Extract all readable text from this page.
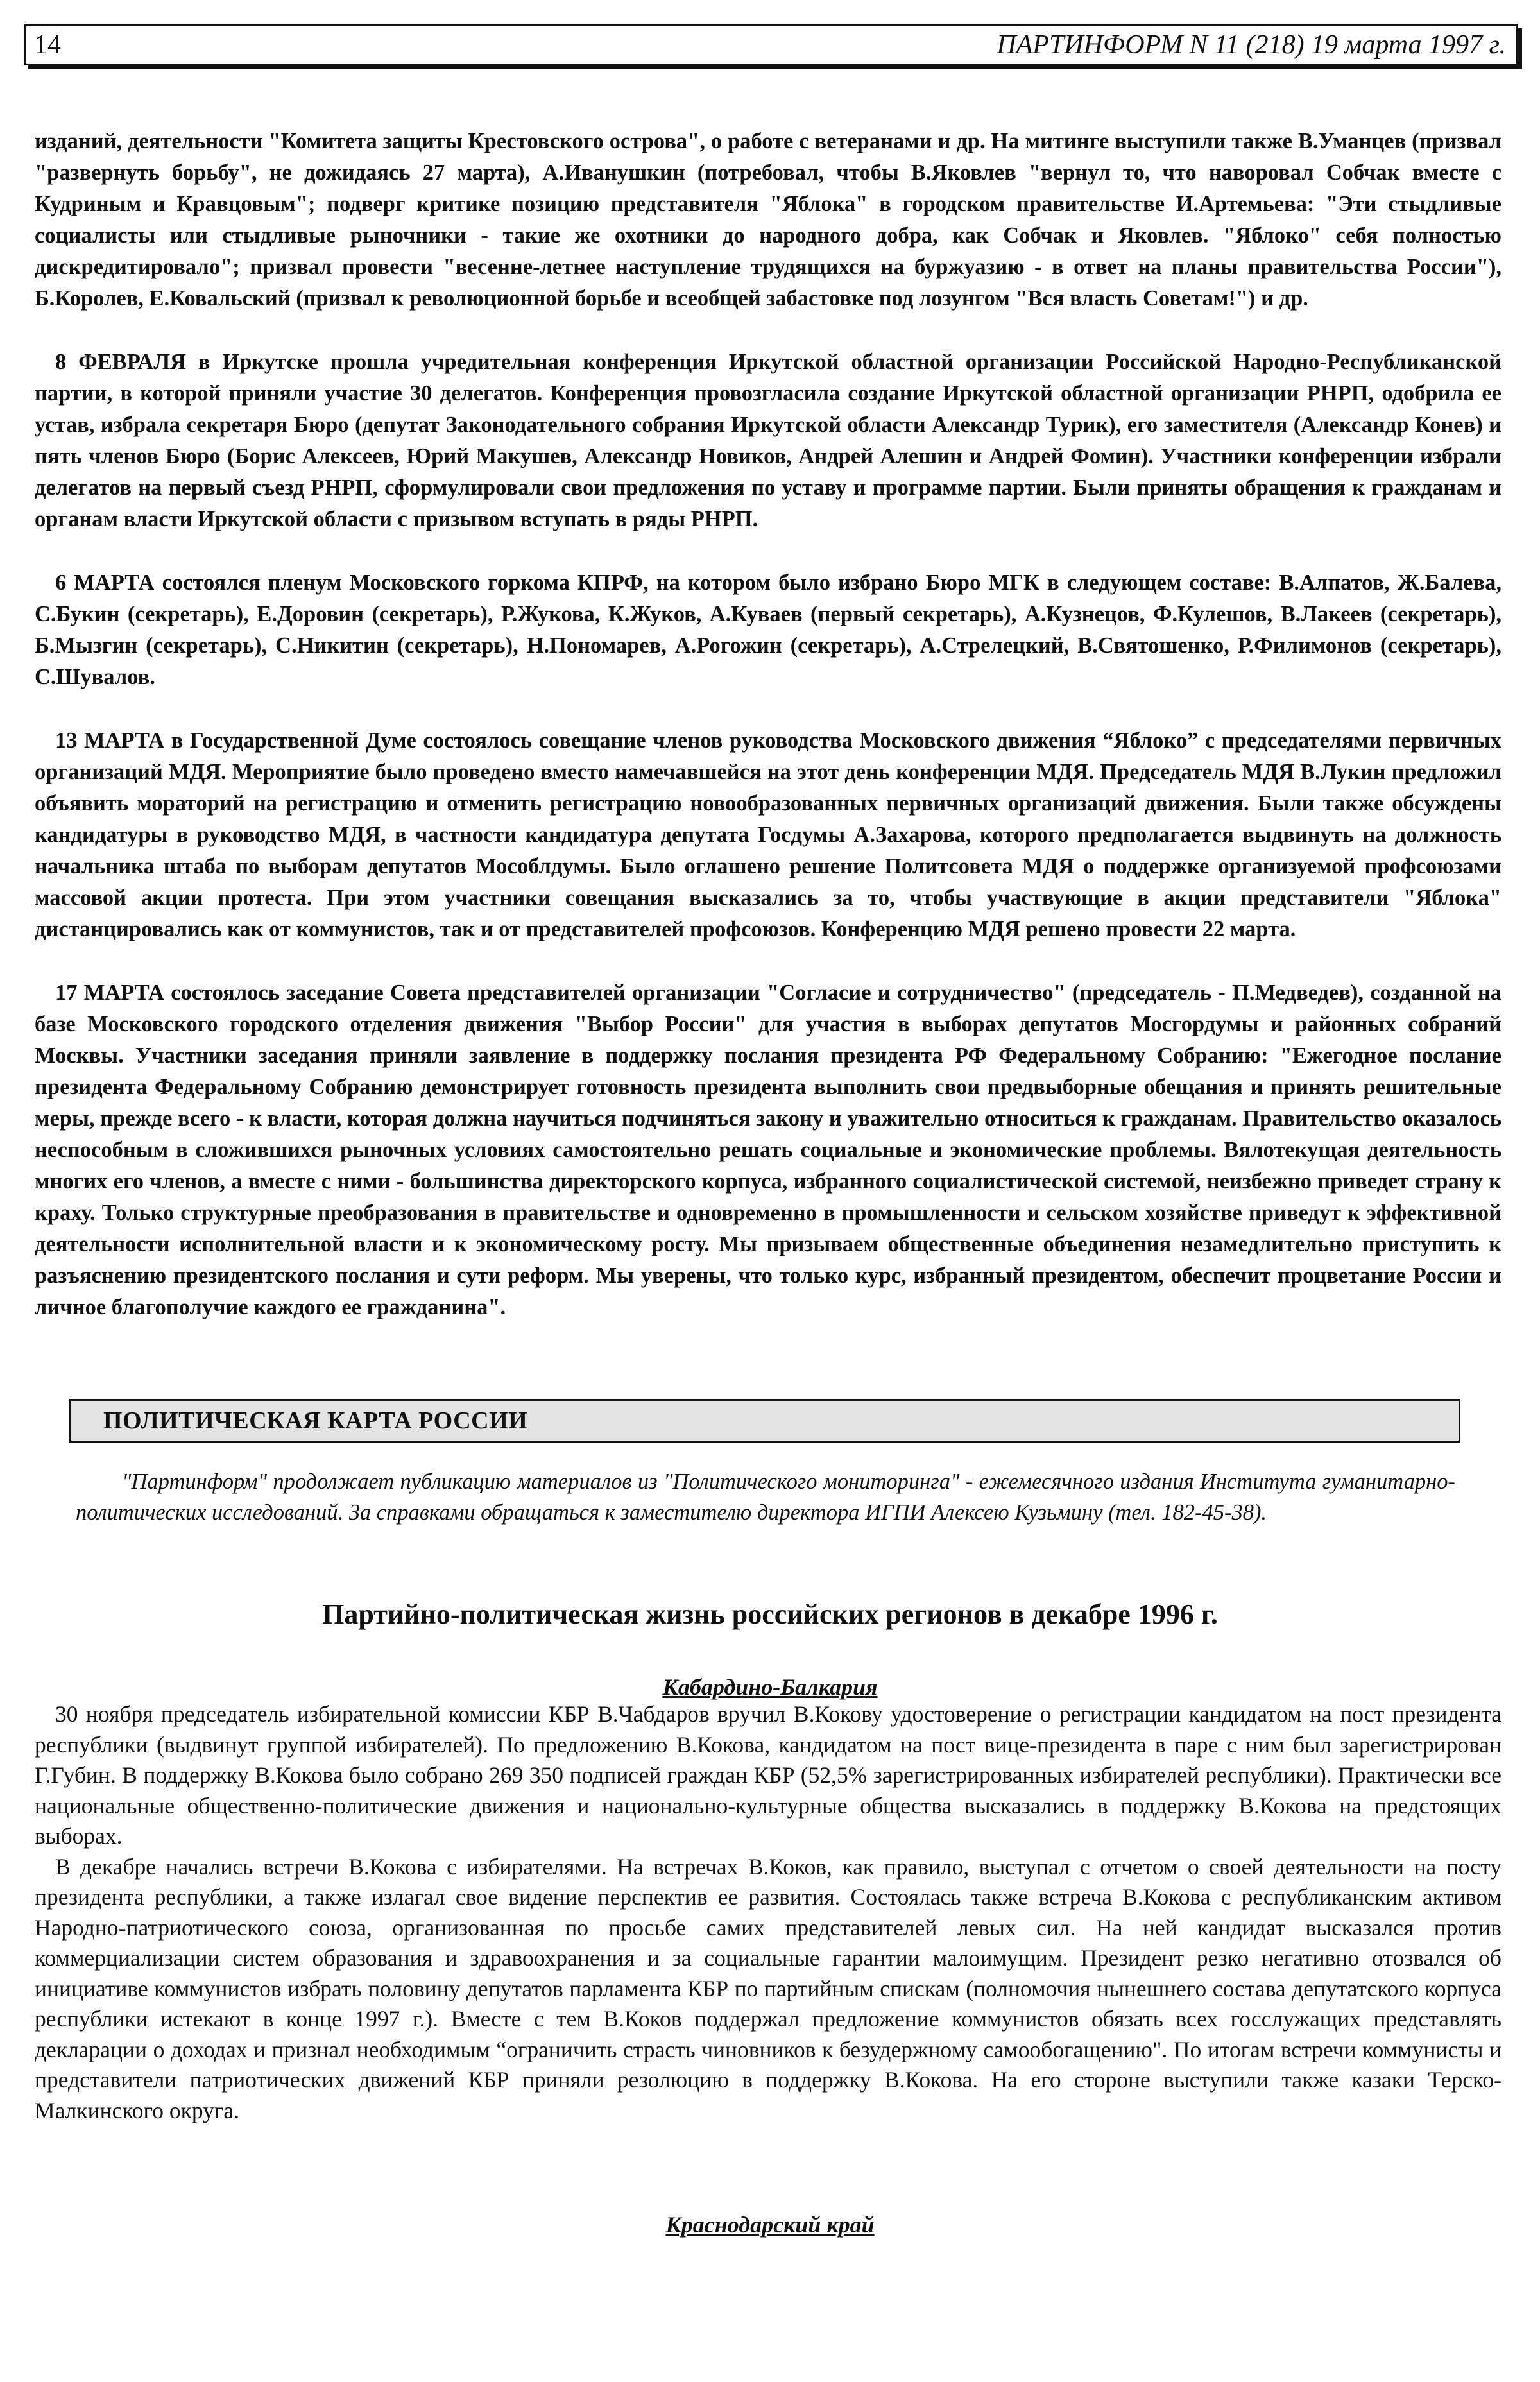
14	ПАРТИНФОРМ N 11 (218) 19 марта 1997 г.

изданий, деятельности "Комитета защиты Крестовского острова", о работе с ветеранами и др. На митинге выступили также В.Уманцев (призвал "развернуть борьбу", не дожидаясь 27 марта), А.Иванушкин (потребовал, чтобы В.Яковлев "вернул то, что наворовал Собчак вместе с Кудриным и Кравцовым"; подверг критике позицию представителя "Яблока" в городском правительстве И.Артемьева: "Эти стыдливые социалисты или стыдливые рыночники - такие же охотники до народного добра, как Собчак и Яковлев. "Яблоко" себя полностью дискредитировало"; призвал провести "весенне-летнее наступление трудящихся на буржуазию - в ответ на планы правительства России"), Б.Королев, Е.Ковальский (призвал к революционной борьбе и всеобщей забастовке под лозунгом "Вся власть Советам!") и др.

8 ФЕВРАЛЯ в Иркутске прошла учредительная конференция Иркутской областной организации Российской Народно-Республиканской партии, в которой приняли участие 30 делегатов. Конференция провозгласила создание Иркутской областной организации РНРП, одобрила ее устав, избрала секретаря Бюро (депутат Законодательного собрания Иркутской области Александр Турик), его заместителя (Александр Конев) и пять членов Бюро (Борис Алексеев, Юрий Макушев, Александр Новиков, Андрей Алешин и Андрей Фомин). Участники конференции избрали делегатов на первый съезд РНРП, сформулировали свои предложения по уставу и программе партии. Были приняты обращения к гражданам и органам власти Иркутской области с призывом вступать в ряды РНРП.

6 МАРТА состоялся пленум Московского горкома КПРФ, на котором было избрано Бюро МГК в следующем составе: В.Алпатов, Ж.Балева, С.Букин (секретарь), Е.Доровин (секретарь), Р.Жукова, К.Жуков, А.Куваев (первый секретарь), А.Кузнецов, Ф.Кулешов, В.Лакеев (секретарь), Б.Мызгин (секретарь), С.Никитин (секретарь), Н.Пономарев, А.Рогожин (секретарь), А.Стрелецкий, В.Святошенко, Р.Филимонов (секретарь), С.Шувалов.

13 МАРТА в Государственной Думе состоялось совещание членов руководства Московского движения “Яблоко” с председателями первичных организаций МДЯ. Мероприятие было проведено вместо намечавшейся на этот день конференции МДЯ. Председатель МДЯ В.Лукин предложил объявить мораторий на регистрацию и отменить регистрацию новообразованных первичных организаций движения. Были также обсуждены кандидатуры в руководство МДЯ, в частности кандидатура депутата Госдумы А.Захарова, которого предполагается выдвинуть на должность начальника штаба по выборам депутатов Мособлдумы. Было оглашено решение Политсовета МДЯ о поддержке организуемой профсоюзами массовой акции протеста. При этом участники совещания высказались за то, чтобы участвующие в акции представители "Яблока" дистанцировались как от коммунистов, так и от представителей профсоюзов. Конференцию МДЯ решено провести 22 марта.

17 МАРТА состоялось заседание Совета представителей организации "Согласие и сотрудничество" (председатель - П.Медведев), созданной на базе Московского городского отделения движения "Выбор России" для участия в выборах депутатов Мосгордумы и районных собраний Москвы. Участники заседания приняли заявление в поддержку послания президента РФ Федеральному Собранию: "Ежегодное послание президента Федеральному Собранию демонстрирует готовность президента выполнить свои предвыборные обещания и принять решительные меры, прежде всего - к власти, которая должна научиться подчиняться закону и уважительно относиться к гражданам. Правительство оказалось неспособным в сложившихся рыночных условиях самостоятельно решать социальные и экономические проблемы. Вялотекущая деятельность многих его членов, а вместе с ними - большинства директорского корпуса, избранного социалистической системой, неизбежно приведет страну к краху. Только структурные преобразования в правительстве и одновременно в промышленности и сельском хозяйстве приведут к эффективной деятельности исполнительной власти и к экономическому росту. Мы призываем общественные объединения незамедлительно приступить к разъяснению президентского послания и сути реформ. Мы уверены, что только курс, избранный президентом, обеспечит процветание России и личное благополучие каждого ее гражданина".

ПОЛИТИЧЕСКАЯ КАРТА РОССИИ

"Партинформ" продолжает публикацию материалов из "Политического мониторинга" - ежемесячного издания Института гуманитарно-политических исследований. За справками обращаться к заместителю директора ИГПИ Алексею Кузьмину (тел. 182-45-38).

Партийно-политическая жизнь российских регионов в декабре 1996 г.
Кабардино-Балкария

30 ноября председатель избирательной комиссии КБР В.Чабдаров вручил В.Кокову удостоверение о регистрации кандидатом на пост президента республики (выдвинут группой избирателей). По предложению В.Кокова, кандидатом на пост вице-президента в паре с ним был зарегистрирован Г.Губин. В поддержку В.Кокова было собрано 269 350 подписей граждан КБР (52,5% зарегистрированных избирателей республики). Практически все национальные общественно-политические движения и национально-культурные общества высказались в поддержку В.Кокова на предстоящих выборах.

В декабре начались встречи В.Кокова с избирателями. На встречах В.Коков, как правило, выступал с отчетом о своей деятельности на посту президента республики, а также излагал свое видение перспектив ее развития. Состоялась также встреча В.Кокова с республиканским активом Народно-патриотического союза, организованная по просьбе самих представителей левых сил. На ней кандидат высказался против коммерциализации систем образования и здравоохранения и за социальные гарантии малоимущим. Президент резко негативно отозвался об инициативе коммунистов избрать половину депутатов парламента КБР по партийным спискам (полномочия нынешнего состава депутатского корпуса республики истекают в конце 1997 г.). Вместе с тем В.Коков поддержал предложение коммунистов обязать всех госслужащих представлять декларации о доходах и признал необходимым “ограничить страсть чиновников к безудержному самообогащению". По итогам встречи коммунисты и представители патриотических движений КБР приняли резолюцию в поддержку В.Кокова. На его стороне выступили также казаки Терско-Малкинского округа.

Краснодарский край
